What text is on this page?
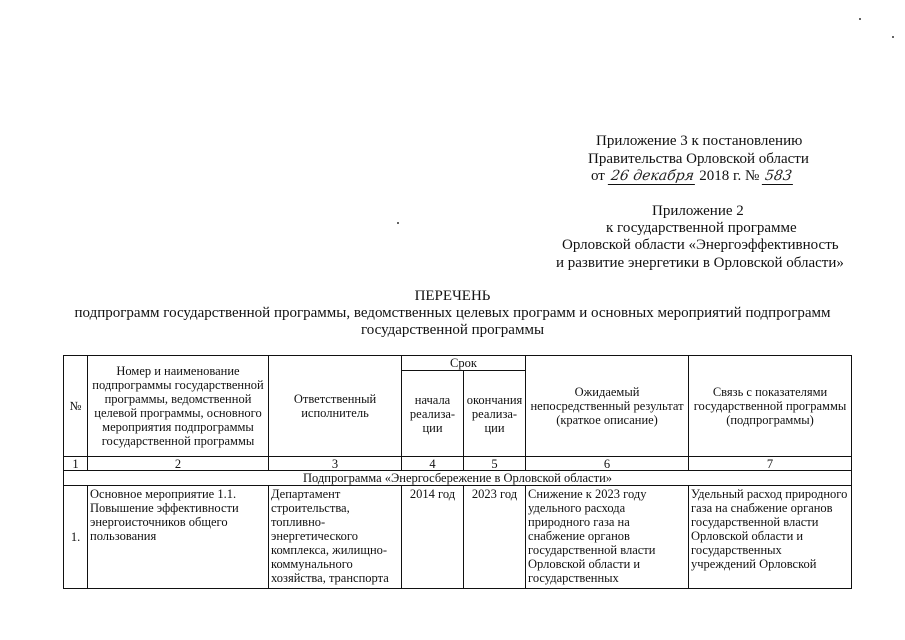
Приложение 3 к постановлению
Правительства Орловской области
от 26 декабря 2018 г. № 583
Приложение 2
к государственной программе
Орловской области «Энергоэффективность
и развитие энергетики в Орловской области»
ПЕРЕЧЕНЬ
подпрограмм государственной программы, ведомственных целевых программ и основных мероприятий подпрограмм
государственной программы
№	Номер и наименование подпрограммы государственной программы, ведомственной целевой программы, основного мероприятия подпрограммы государственной программы	Ответственный исполнитель	Срок		Ожидаемый непосредственный результат (краткое описание)	Связь с показателями государственной программы (подпрограммы)
			начала реализа-ции	окончания реализа-ции		
1	2	3	4	5	6	7
Подпрограмма «Энергосбережение в Орловской области»						
1.	Основное мероприятие 1.1. Повышение эффективности энергоисточников общего пользования	Департамент строительства, топливно-энергетического комплекса, жилищно-коммунального хозяйства, транспорта	2014 год	2023 год	Снижение к 2023 году удельного расхода природного газа на снабжение органов государственной власти Орловской области и государственных	Удельный расход природного газа на снабжение органов государственной власти Орловской области и государственных учреждений Орловской
